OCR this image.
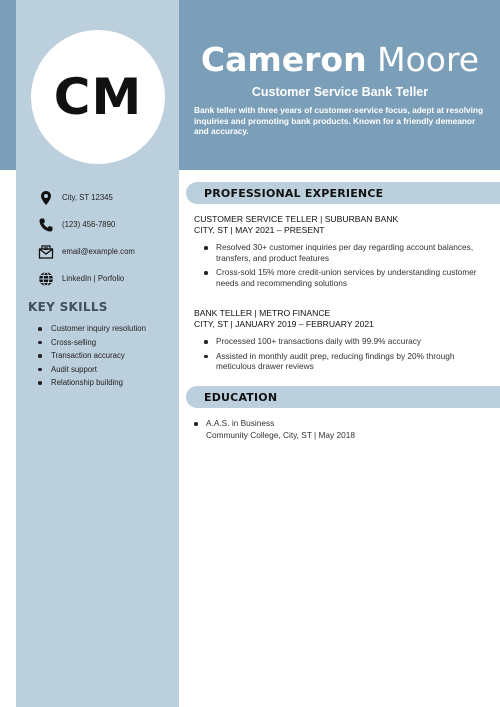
CM
Cameron Moore
Customer Service Bank Teller
Bank teller with three years of customer-service focus, adept at resolving inquiries and promoting bank products. Known for a friendly demeanor and accuracy.
City, ST 12345
(123) 456-7890
email@example.com
LinkedIn | Porfolio
KEY SKILLS
Customer inquiry resolution
Cross-selling
Transaction accuracy
Audit support
Relationship building
PROFESSIONAL EXPERIENCE
CUSTOMER SERVICE TELLER | SUBURBAN BANK
CITY, ST | MAY 2021 – PRESENT
Resolved 30+ customer inquiries per day regarding account balances, transfers, and product features
Cross-sold 15% more credit-union services by understanding customer needs and recommending solutions
BANK TELLER | METRO FINANCE
CITY, ST | JANUARY 2019 – FEBRUARY 2021
Processed 100+ transactions daily with 99.9% accuracy
Assisted in monthly audit prep, reducing findings by 20% through meticulous drawer reviews
EDUCATION
A.A.S. in Business
Community College, City, ST | May 2018
